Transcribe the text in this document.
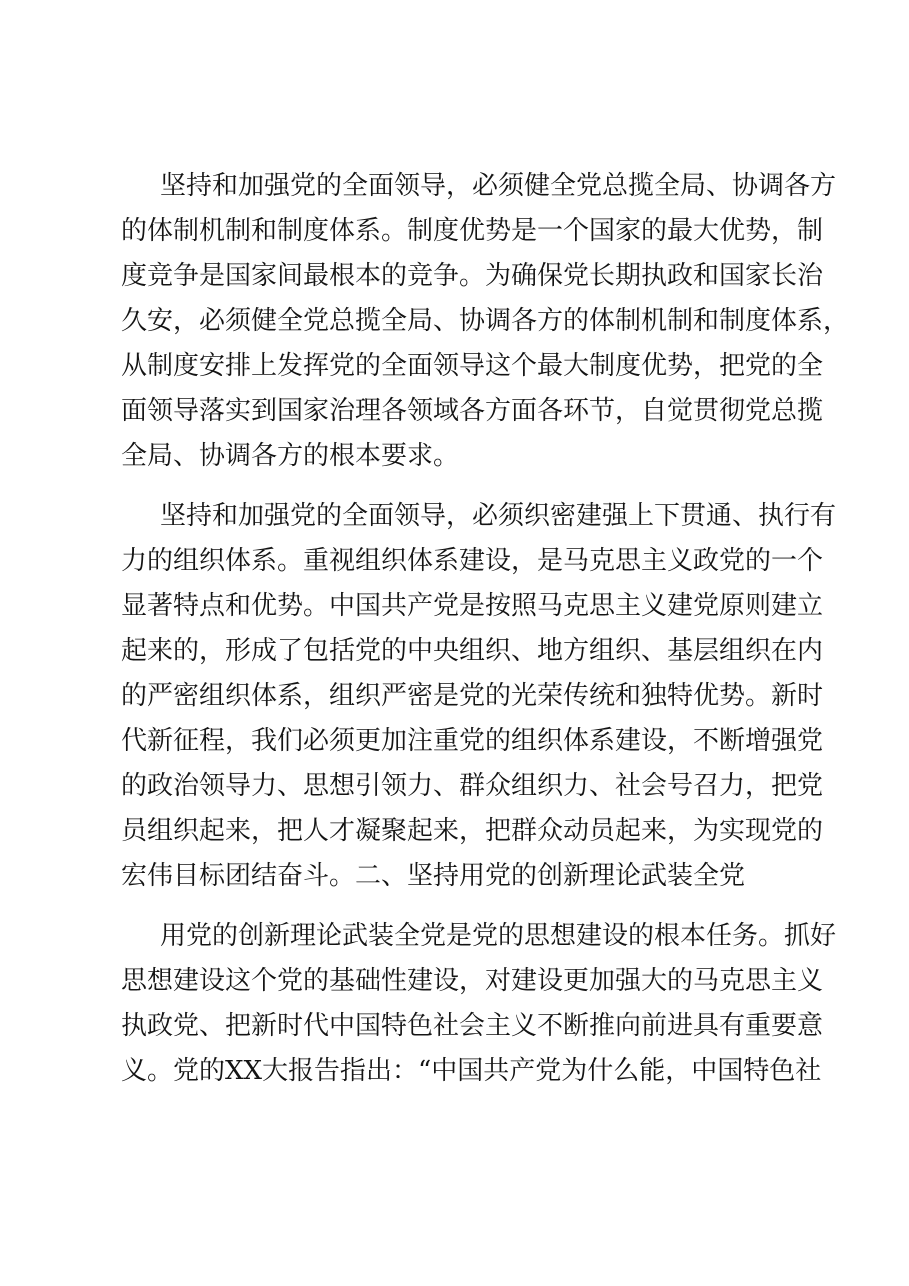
坚持和加强党的全面领导，必须健全党总揽全局、协调各方
的体制机制和制度体系。制度优势是一个国家的最大优势，制
度竞争是国家间最根本的竞争。为确保党长期执政和国家长治
久安，必须健全党总揽全局、协调各方的体制机制和制度体系，
从制度安排上发挥党的全面领导这个最大制度优势，把党的全
面领导落实到国家治理各领域各方面各环节，自觉贯彻党总揽
全局、协调各方的根本要求。
坚持和加强党的全面领导，必须织密建强上下贯通、执行有
力的组织体系。重视组织体系建设，是马克思主义政党的一个
显著特点和优势。中国共产党是按照马克思主义建党原则建立
起来的，形成了包括党的中央组织、地方组织、基层组织在内
的严密组织体系，组织严密是党的光荣传统和独特优势。新时
代新征程，我们必须更加注重党的组织体系建设，不断增强党
的政治领导力、思想引领力、群众组织力、社会号召力，把党
员组织起来，把人才凝聚起来，把群众动员起来，为实现党的
宏伟目标团结奋斗。二、坚持用党的创新理论武装全党
用党的创新理论武装全党是党的思想建设的根本任务。抓好
思想建设这个党的基础性建设，对建设更加强大的马克思主义
执政党、把新时代中国特色社会主义不断推向前进具有重要意
义。党的XX大报告指出：“中国共产党为什么能，中国特色社
